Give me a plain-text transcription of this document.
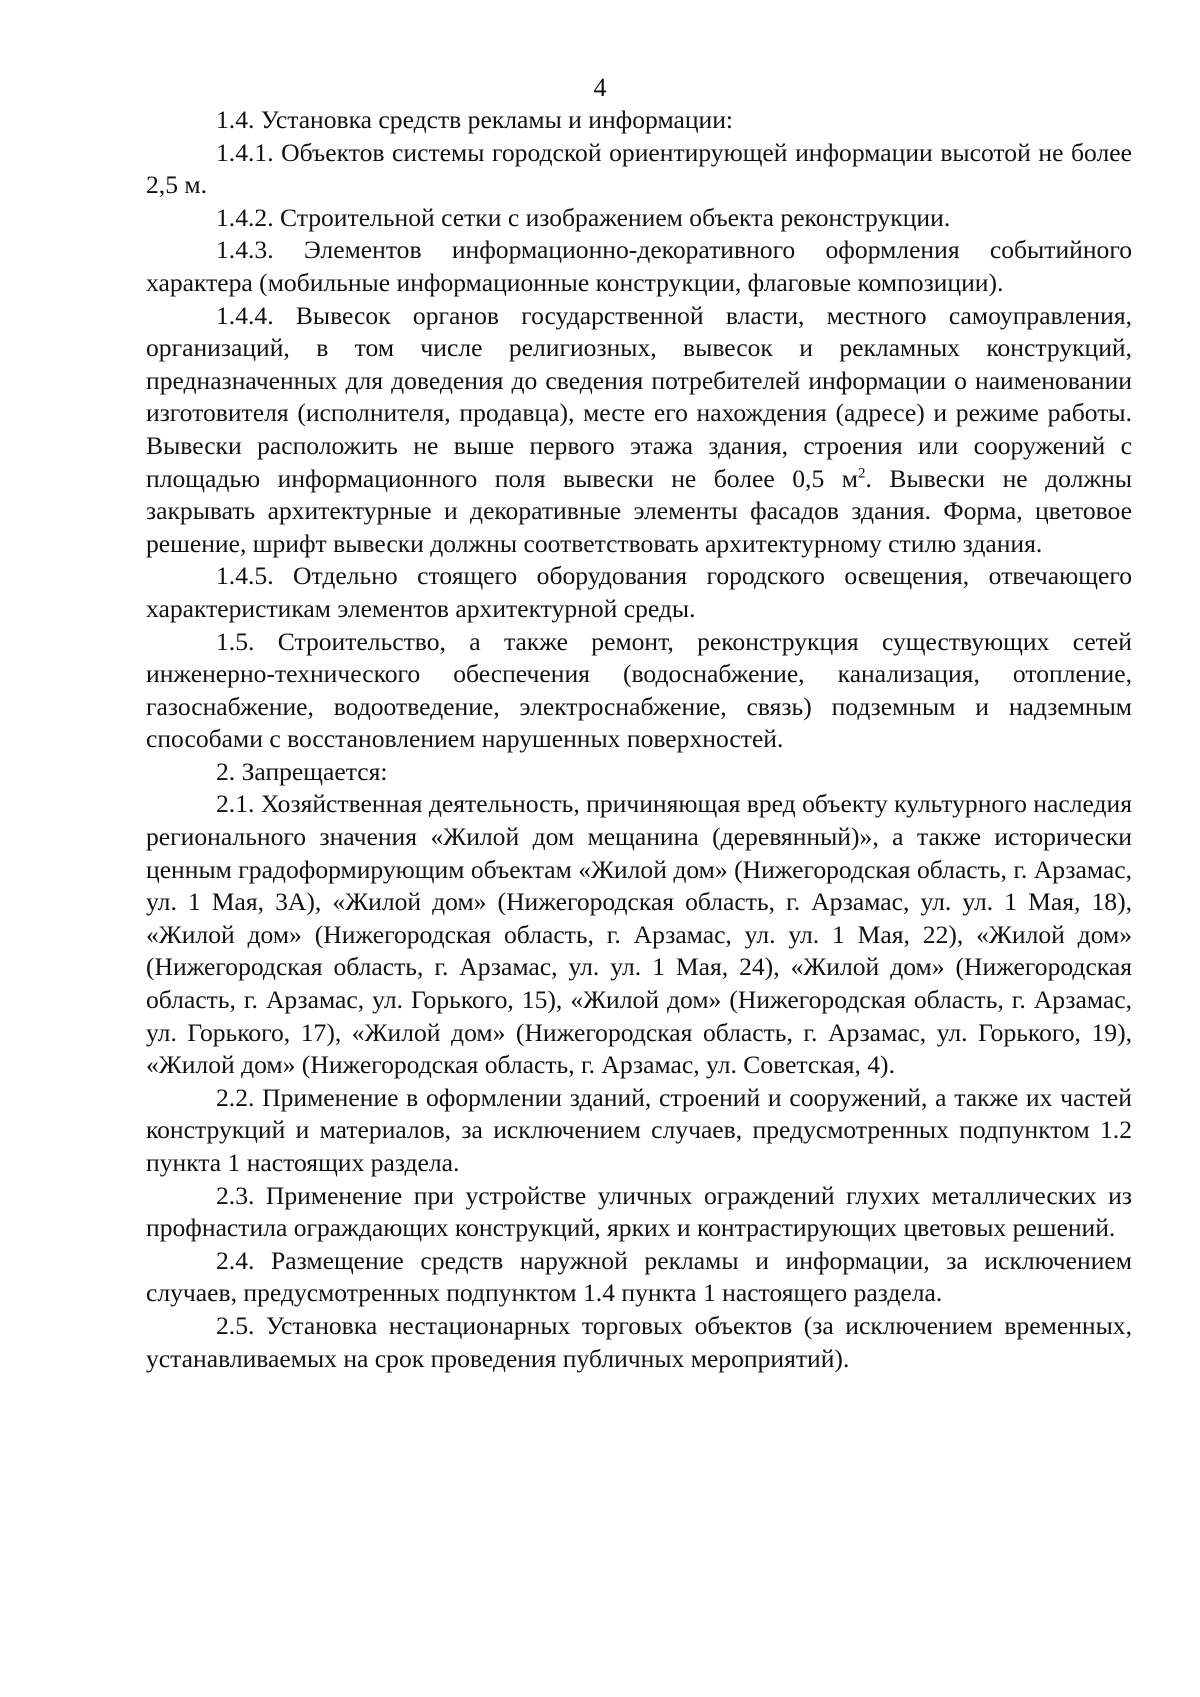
4

1.4. Установка средств рекламы и информации:

1.4.1. Объектов системы городской ориентирующей информации высотой не более 2,5 м.

1.4.2. Строительной сетки с изображением объекта реконструкции.

1.4.3. Элементов информационно-декоративного оформления событийного характера (мобильные информационные конструкции, флаговые композиции).

1.4.4. Вывесок органов государственной власти, местного самоуправления, организаций, в том числе религиозных, вывесок и рекламных конструкций, предназначенных для доведения до сведения потребителей информации о наименовании изготовителя (исполнителя, продавца), месте его нахождения (адресе) и режиме работы. Вывески расположить не выше первого этажа здания, строения или сооружений с площадью информационного поля вывески не более 0,5 $м^2$. Вывески не должны закрывать архитектурные и декоративные элементы фасадов здания. Форма, цветовое решение, шрифт вывески должны соответствовать архитектурному стилю здания.

1.4.5. Отдельно стоящего оборудования городского освещения, отвечающего характеристикам элементов архитектурной среды.

1.5. Строительство, а также ремонт, реконструкция существующих сетей инженерно-технического обеспечения (водоснабжение, канализация, отопление, газоснабжение, водоотведение, электроснабжение, связь) подземным и надземным способами с восстановлением нарушенных поверхностей.

2. Запрещается:

2.1. Хозяйственная деятельность, причиняющая вред объекту культурного наследия регионального значения «Жилой дом мещанина (деревянный)», а также исторически ценным градоформирующим объектам «Жилой дом» (Нижегородская область, г. Арзамас, ул. 1 Мая, 3А), «Жилой дом» (Нижегородская область, г. Арзамас, ул. ул. 1 Мая, 18), «Жилой дом» (Нижегородская область, г. Арзамас, ул. ул. 1 Мая, 22), «Жилой дом» (Нижегородская область, г. Арзамас, ул. ул. 1 Мая, 24), «Жилой дом» (Нижегородская область, г. Арзамас, ул. Горького, 15), «Жилой дом» (Нижегородская область, г. Арзамас, ул. Горького, 17), «Жилой дом» (Нижегородская область, г. Арзамас, ул. Горького, 19), «Жилой дом» (Нижегородская область, г. Арзамас, ул. Советская, 4).

2.2. Применение в оформлении зданий, строений и сооружений, а также их частей конструкций и материалов, за исключением случаев, предусмотренных подпунктом 1.2 пункта 1 настоящих раздела.

2.3. Применение при устройстве уличных ограждений глухих металлических из профнастила ограждающих конструкций, ярких и контрастирующих цветовых решений.

2.4. Размещение средств наружной рекламы и информации, за исключением случаев, предусмотренных подпунктом 1.4 пункта 1 настоящего раздела.

2.5. Установка нестационарных торговых объектов (за исключением временных, устанавливаемых на срок проведения публичных мероприятий).
